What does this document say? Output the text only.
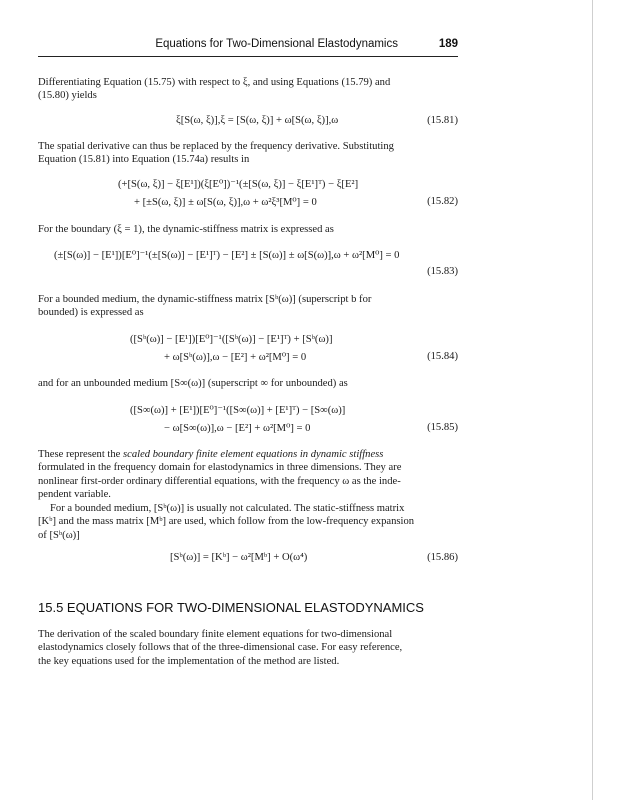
Equations for Two-Dimensional Elastodynamics	189

Differentiating Equation (15.75) with respect to ξ, and using Equations (15.79) and
(15.80) yields

ξ[S(ω, ξ)],ξ = [S(ω, ξ)] + ω[S(ω, ξ)],ω	(15.81)

The spatial derivative can thus be replaced by the frequency derivative. Substituting
Equation (15.81) into Equation (15.74a) results in

(+[S(ω, ξ)] − ξ[E¹])(ξ[E⁰])⁻¹(±[S(ω, ξ)] − ξ[E¹]ᵀ) − ξ[E²]
+ [±S(ω, ξ)] ± ω[S(ω, ξ)],ω + ω²ξ³[M⁰] = 0	(15.82)

For the boundary (ξ = 1), the dynamic-stiffness matrix is expressed as

(±[S(ω)] − [E¹])[E⁰]⁻¹(±[S(ω)] − [E¹]ᵀ) − [E²] ± [S(ω)] ± ω[S(ω)],ω + ω²[M⁰] = 0
(15.83)

For a bounded medium, the dynamic-stiffness matrix [Sᵇ(ω)] (superscript b for
bounded) is expressed as

([Sᵇ(ω)] − [E¹])[E⁰]⁻¹([Sᵇ(ω)] − [E¹]ᵀ) + [Sᵇ(ω)]
+ ω[Sᵇ(ω)],ω − [E²] + ω²[M⁰] = 0	(15.84)

and for an unbounded medium [S∞(ω)] (superscript ∞ for unbounded) as

([S∞(ω)] + [E¹])[E⁰]⁻¹([S∞(ω)] + [E¹]ᵀ) − [S∞(ω)]
− ω[S∞(ω)],ω − [E²] + ω²[M⁰] = 0	(15.85)

These represent the scaled boundary finite element equations in dynamic stiffness
formulated in the frequency domain for elastodynamics in three dimensions. They are
nonlinear first-order ordinary differential equations, with the frequency ω as the inde-
pendent variable.

For a bounded medium, [Sᵇ(ω)] is usually not calculated. The static-stiffness matrix
[Kᵇ] and the mass matrix [Mᵇ] are used, which follow from the low-frequency expansion
of [Sᵇ(ω)]

[Sᵇ(ω)] = [Kᵇ] − ω²[Mᵇ] + O(ω⁴)	(15.86)
15.5 EQUATIONS FOR TWO-DIMENSIONAL ELASTODYNAMICS

The derivation of the scaled boundary finite element equations for two-dimensional
elastodynamics closely follows that of the three-dimensional case. For easy reference,
the key equations used for the implementation of the method are listed.
